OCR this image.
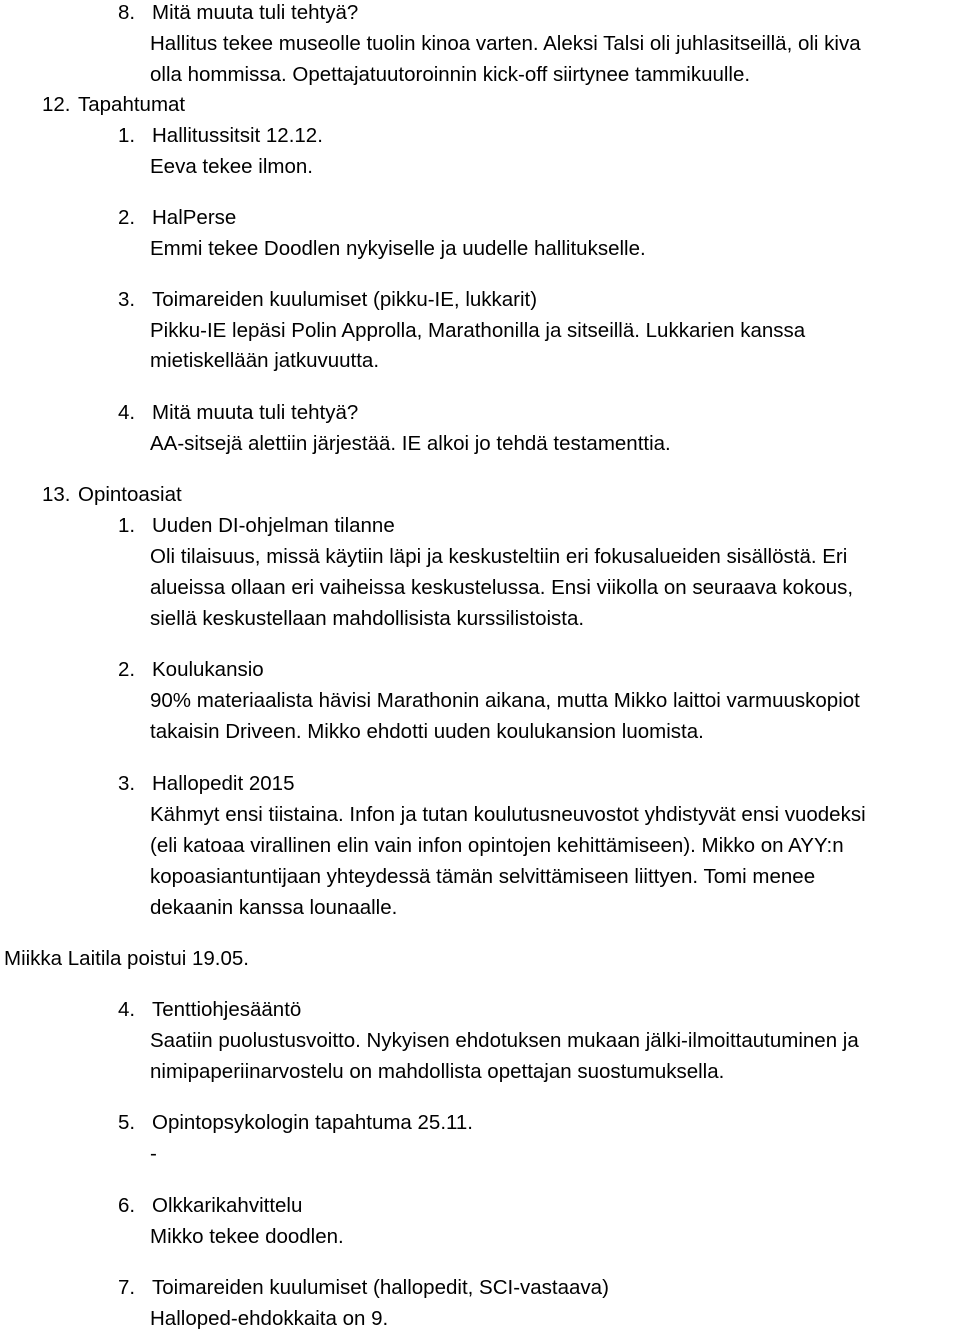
8. Mitä muuta tuli tehtyä?
Hallitus tekee museolle tuolin kinoa varten. Aleksi Talsi oli juhlasitseillä, oli kiva
olla hommissa. Opettajatuutoroinnin kick-off siirtynee tammikuulle.
12. Tapahtumat
1. Hallitussitsit 12.12.
Eeva tekee ilmon.
2. HalPerse
Emmi tekee Doodlen nykyiselle ja uudelle hallitukselle.
3. Toimareiden kuulumiset (pikku-IE, lukkarit)
Pikku-IE lepäsi Polin Approlla, Marathonilla ja sitseillä. Lukkarien kanssa
mietiskellään jatkuvuutta.
4. Mitä muuta tuli tehtyä?
AA-sitsejä alettiin järjestää. IE alkoi jo tehdä testamenttia.
13. Opintoasiat
1. Uuden DI-ohjelman tilanne
Oli tilaisuus, missä käytiin läpi ja keskusteltiin eri fokusalueiden sisällöstä. Eri
alueissa ollaan eri vaiheissa keskustelussa. Ensi viikolla on seuraava kokous,
siellä keskustellaan mahdollisista kurssilistoista.
2. Koulukansio
90% materiaalista hävisi Marathonin aikana, mutta Mikko laittoi varmuuskopiot
takaisin Driveen. Mikko ehdotti uuden koulukansion luomista.
3. Hallopedit 2015
Kähmyt ensi tiistaina. Infon ja tutan koulutusneuvostot yhdistyvät ensi vuodeksi
(eli katoaa virallinen elin vain infon opintojen kehittämiseen). Mikko on AYY:n
kopoasiantuntijaan yhteydessä tämän selvittämiseen liittyen. Tomi menee
dekaanin kanssa lounaalle.
Miikka Laitila poistui 19.05.
4. Tenttiohjesääntö
Saatiin puolustusvoitto. Nykyisen ehdotuksen mukaan jälki-ilmoittautuminen ja
nimipaperiinarvostelu on mahdollista opettajan suostumuksella.
5. Opintopsykologin tapahtuma 25.11.
-
6. Olkkarikahvittelu
Mikko tekee doodlen.
7. Toimareiden kuulumiset (hallopedit, SCI-vastaava)
Halloped-ehdokkaita on 9.
